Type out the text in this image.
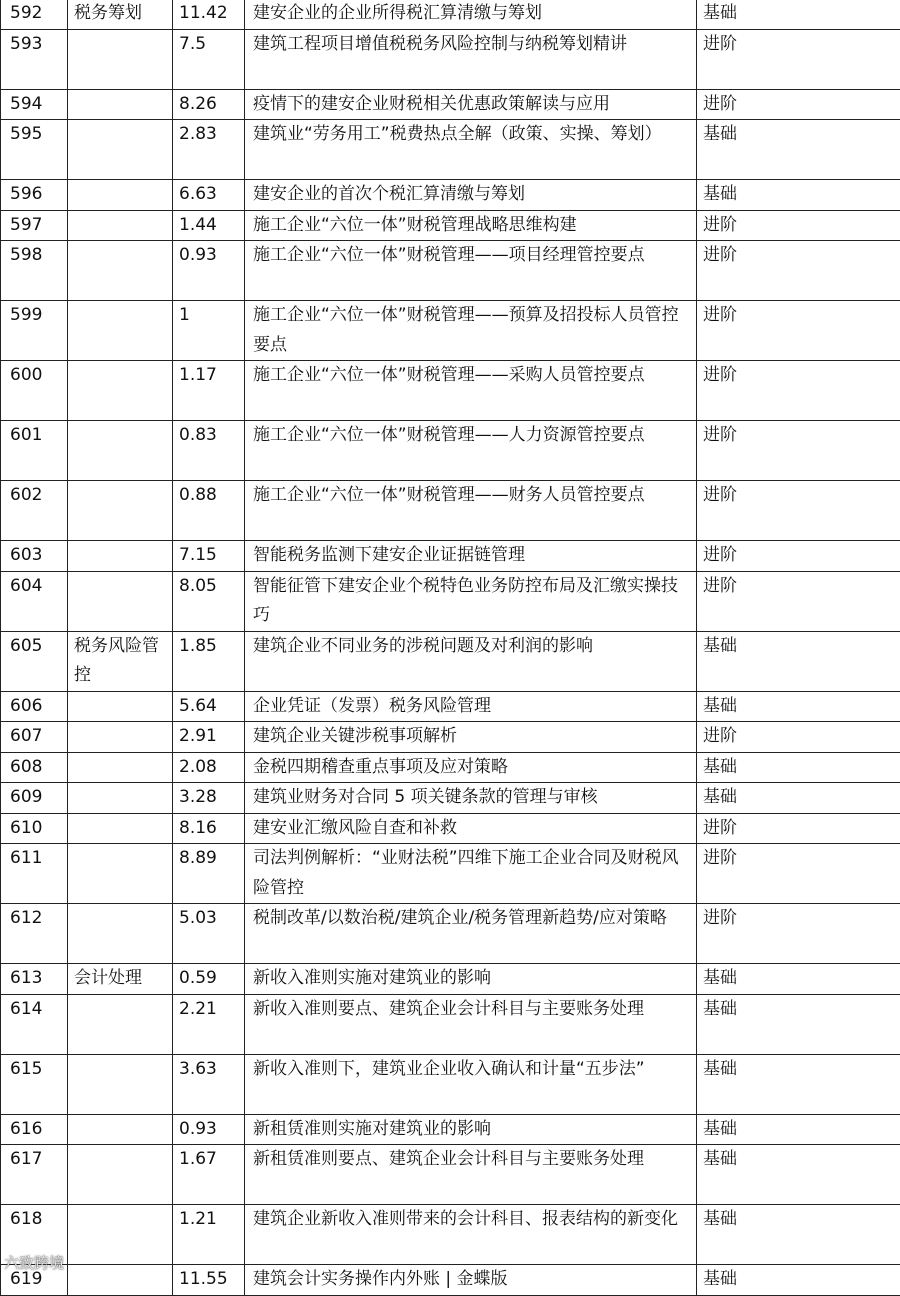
592	税务筹划	11.42	建安企业的企业所得税汇算清缴与筹划	基础
593		7.5	建筑工程项目增值税税务风险控制与纳税筹划精讲	进阶
594		8.26	疫情下的建安企业财税相关优惠政策解读与应用	进阶
595		2.83	建筑业“劳务用工”税费热点全解（政策、实操、筹划）	基础
596		6.63	建安企业的首次个税汇算清缴与筹划	基础
597		1.44	施工企业“六位一体”财税管理战略思维构建	进阶
598		0.93	施工企业“六位一体”财税管理——项目经理管控要点	进阶
599		1	施工企业“六位一体”财税管理——预算及招投标人员管控要点	进阶
600		1.17	施工企业“六位一体”财税管理——采购人员管控要点	进阶
601		0.83	施工企业“六位一体”财税管理——人力资源管控要点	进阶
602		0.88	施工企业“六位一体”财税管理——财务人员管控要点	进阶
603		7.15	智能税务监测下建安企业证据链管理	进阶
604		8.05	智能征管下建安企业个税特色业务防控布局及汇缴实操技巧	进阶
605	税务风险管控	1.85	建筑企业不同业务的涉税问题及对利润的影响	基础
606		5.64	企业凭证（发票）税务风险管理	基础
607		2.91	建筑企业关键涉税事项解析	进阶
608		2.08	金税四期稽查重点事项及应对策略	基础
609		3.28	建筑业财务对合同 5 项关键条款的管理与审核	基础
610		8.16	建安业汇缴风险自查和补救	进阶
611		8.89	司法判例解析：“业财法税”四维下施工企业合同及财税风险管控	进阶
612		5.03	税制改革/以数治税/建筑企业/税务管理新趋势/应对策略	进阶
613	会计处理	0.59	新收入准则实施对建筑业的影响	基础
614		2.21	新收入准则要点、建筑企业会计科目与主要账务处理	基础
615		3.63	新收入准则下，建筑业企业收入确认和计量“五步法”	基础
616		0.93	新租赁准则实施对建筑业的影响	基础
617		1.67	新租赁准则要点、建筑企业会计科目与主要账务处理	基础
618		1.21	建筑企业新收入准则带来的会计科目、报表结构的新变化	基础
619		11.55	建筑会计实务操作内外账 | 金蝶版	基础
六致跨境
